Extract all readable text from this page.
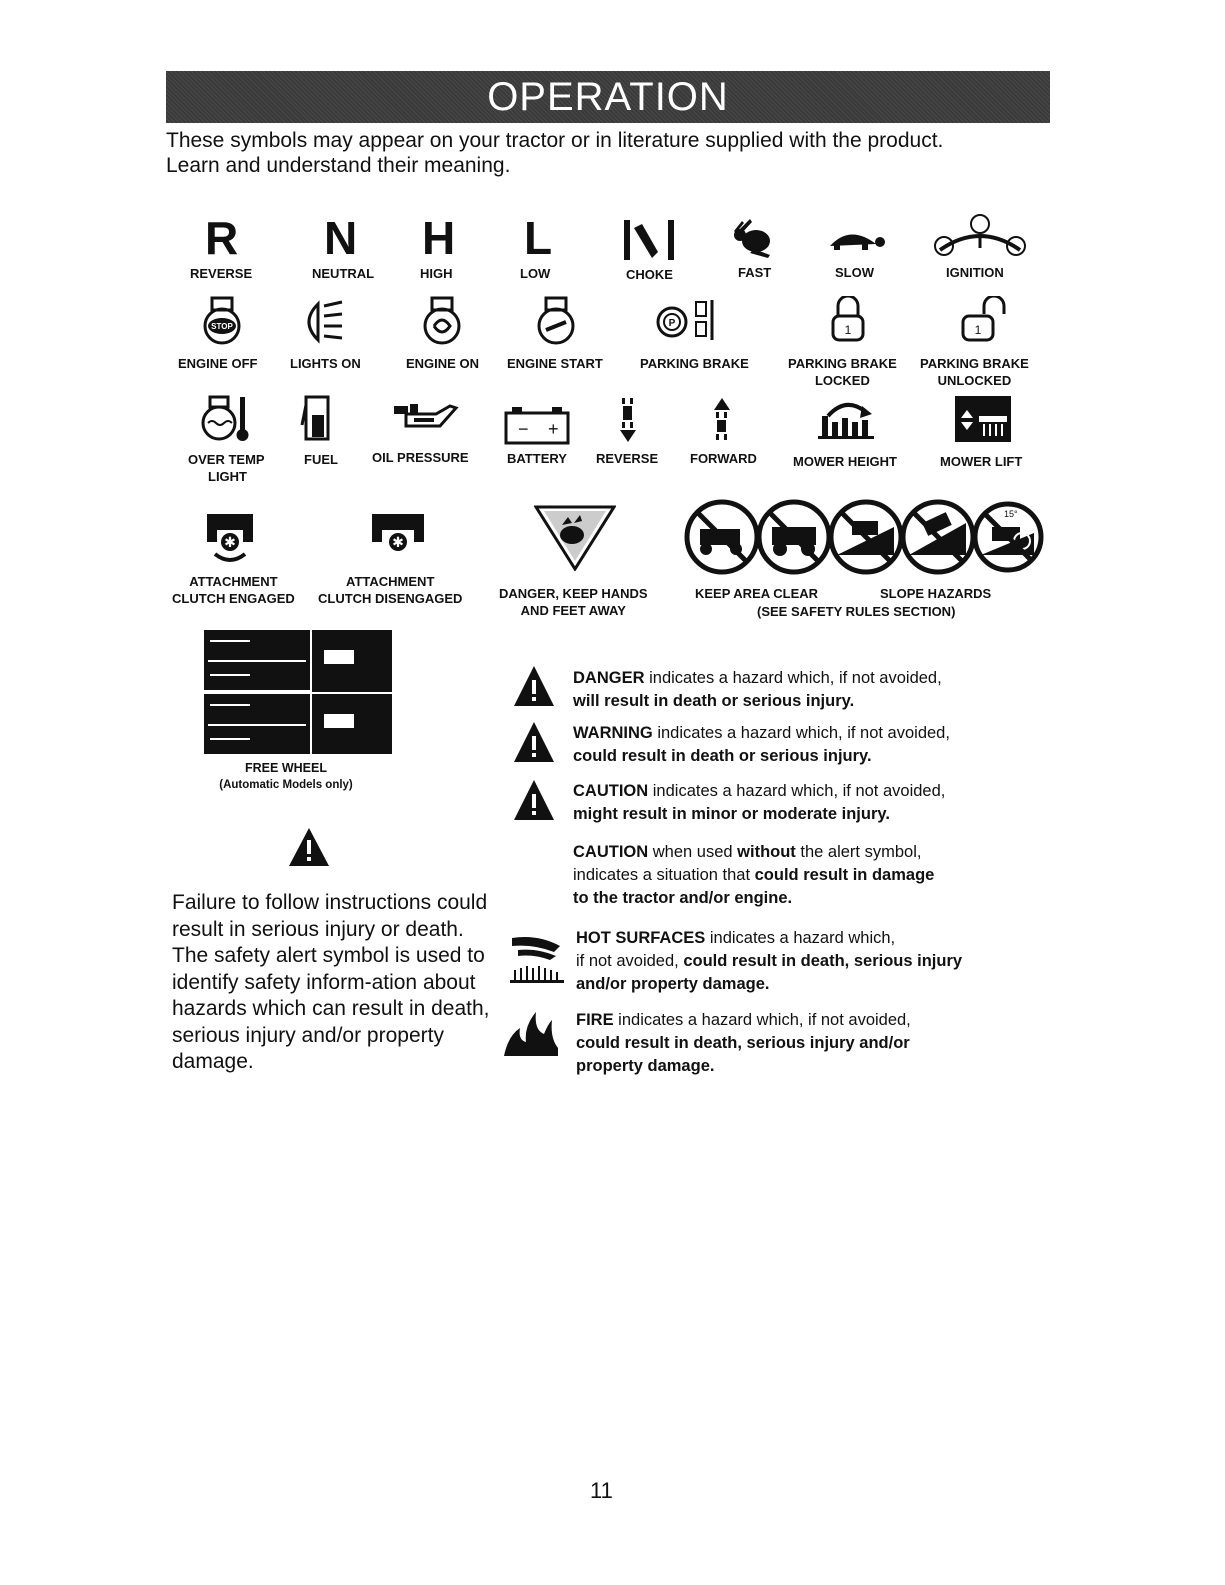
OPERATION
These symbols may appear on your tractor or in literature supplied with the product.
Learn and understand their meaning.
R
REVERSE
N
NEUTRAL
H
HIGH
L
LOW	CHOKE	FAST	SLOW	IGNITION
STOP
ENGINE OFF	LIGHTS ON	ENGINE ON ENGINE START
P
PARKING BRAKE
1
PARKING BRAKE
LOCKED
1
PARKING BRAKE
UNLOCKED
OVER TEMP
LIGHT
FUEL	OIL PRESSURE
− +
BATTERY REVERSE FORWARD	MOWER HEIGHT	MOWER LIFT
✱
ATTACHMENT
CLUTCH ENGAGED
✱
ATTACHMENT
CLUTCH DISENGAGED	DANGER, KEEP HANDS
AND FEET AWAY
15°
KEEP AREA CLEAR	SLOPE HAZARDS
(SEE SAFETY RULES SECTION)
FREE WHEEL
(Automatic Models only)
Failure to follow instructions could result in serious injury or death. The safety alert symbol is used to identify safety inform-ation about hazards which can result in death, serious injury and/or property damage.
DANGER indicates a hazard which, if not avoided,
will result in death or serious injury.
WARNING indicates a hazard which, if not avoided,
could result in death or serious injury.
CAUTION indicates a hazard which, if not avoided,
might result in minor or moderate injury.
CAUTION when used without the alert symbol,
indicates a situation that could result in damage
to the tractor and/or engine.
HOT SURFACES indicates a hazard which,
if not avoided, could result in death, serious injury
and/or property damage.
FIRE indicates a hazard which, if not avoided,
could result in death, serious injury and/or
property damage.
11
